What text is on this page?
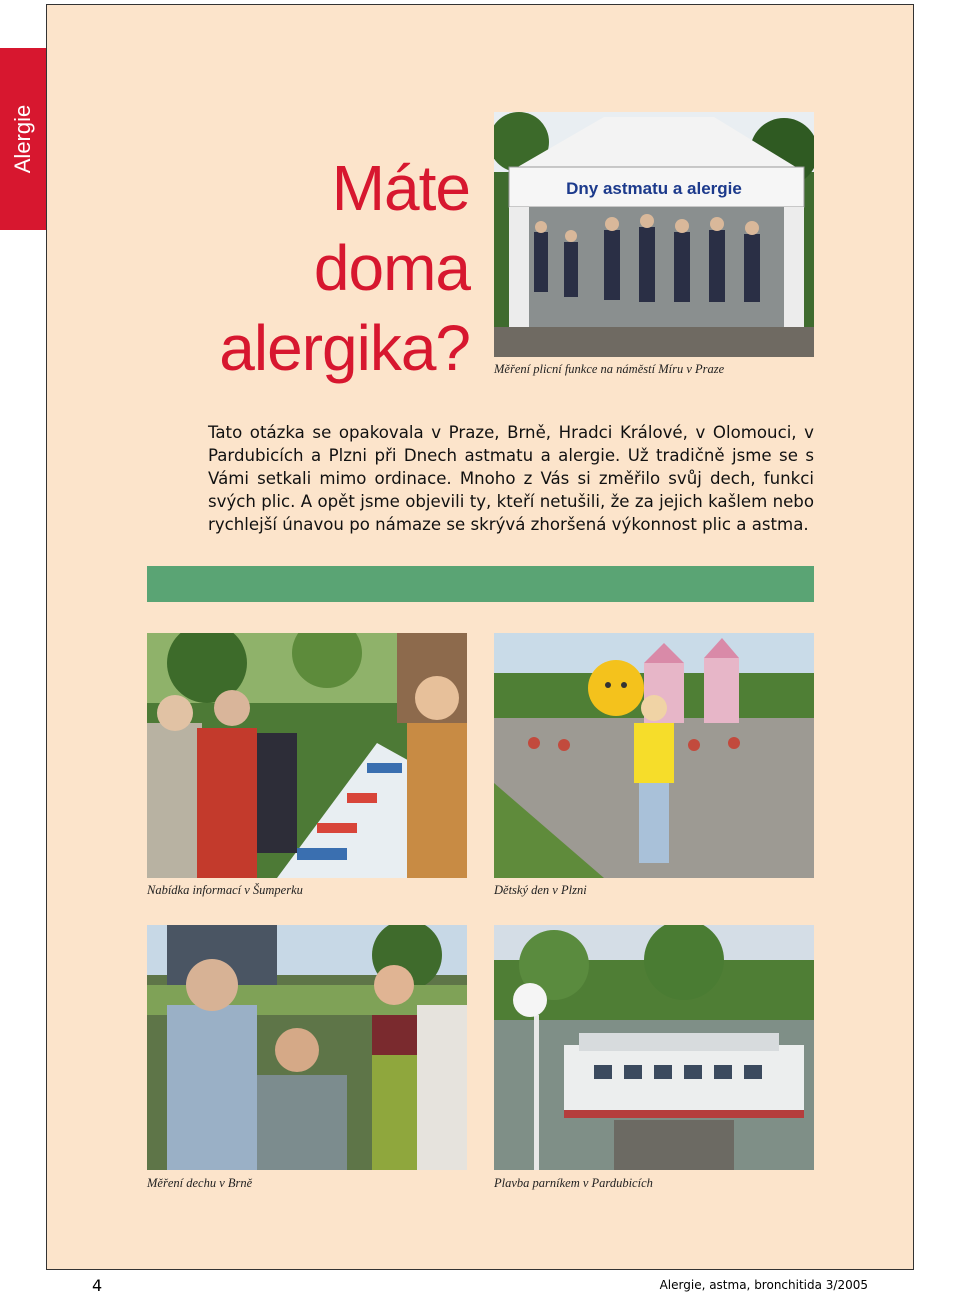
Alergie
Máte
doma
alergika?
Dny astmatu a alergie
Měření plicní funkce na náměstí Míru v Praze
Tato otázka se opakovala v Praze, Brně, Hradci Králové, v Olomouci, v Pardubicích a Plzni při Dnech astmatu a alergie. Už tradičně jsme se s Vámi setkali mimo ordinace. Mnoho z Vás si změřilo svůj dech, funkci svých plic. A opět jsme objevili ty, kteří netušili, že za jejich kašlem nebo rychlejší únavou po námaze se skrývá zhoršená výkonnost plic a astma.
Nabídka informací v Šumperku	Dětský den v Plzni
Měření dechu v Brně	Plavba parníkem v Pardubicích
4	Alergie, astma, bronchitida 3/2005
